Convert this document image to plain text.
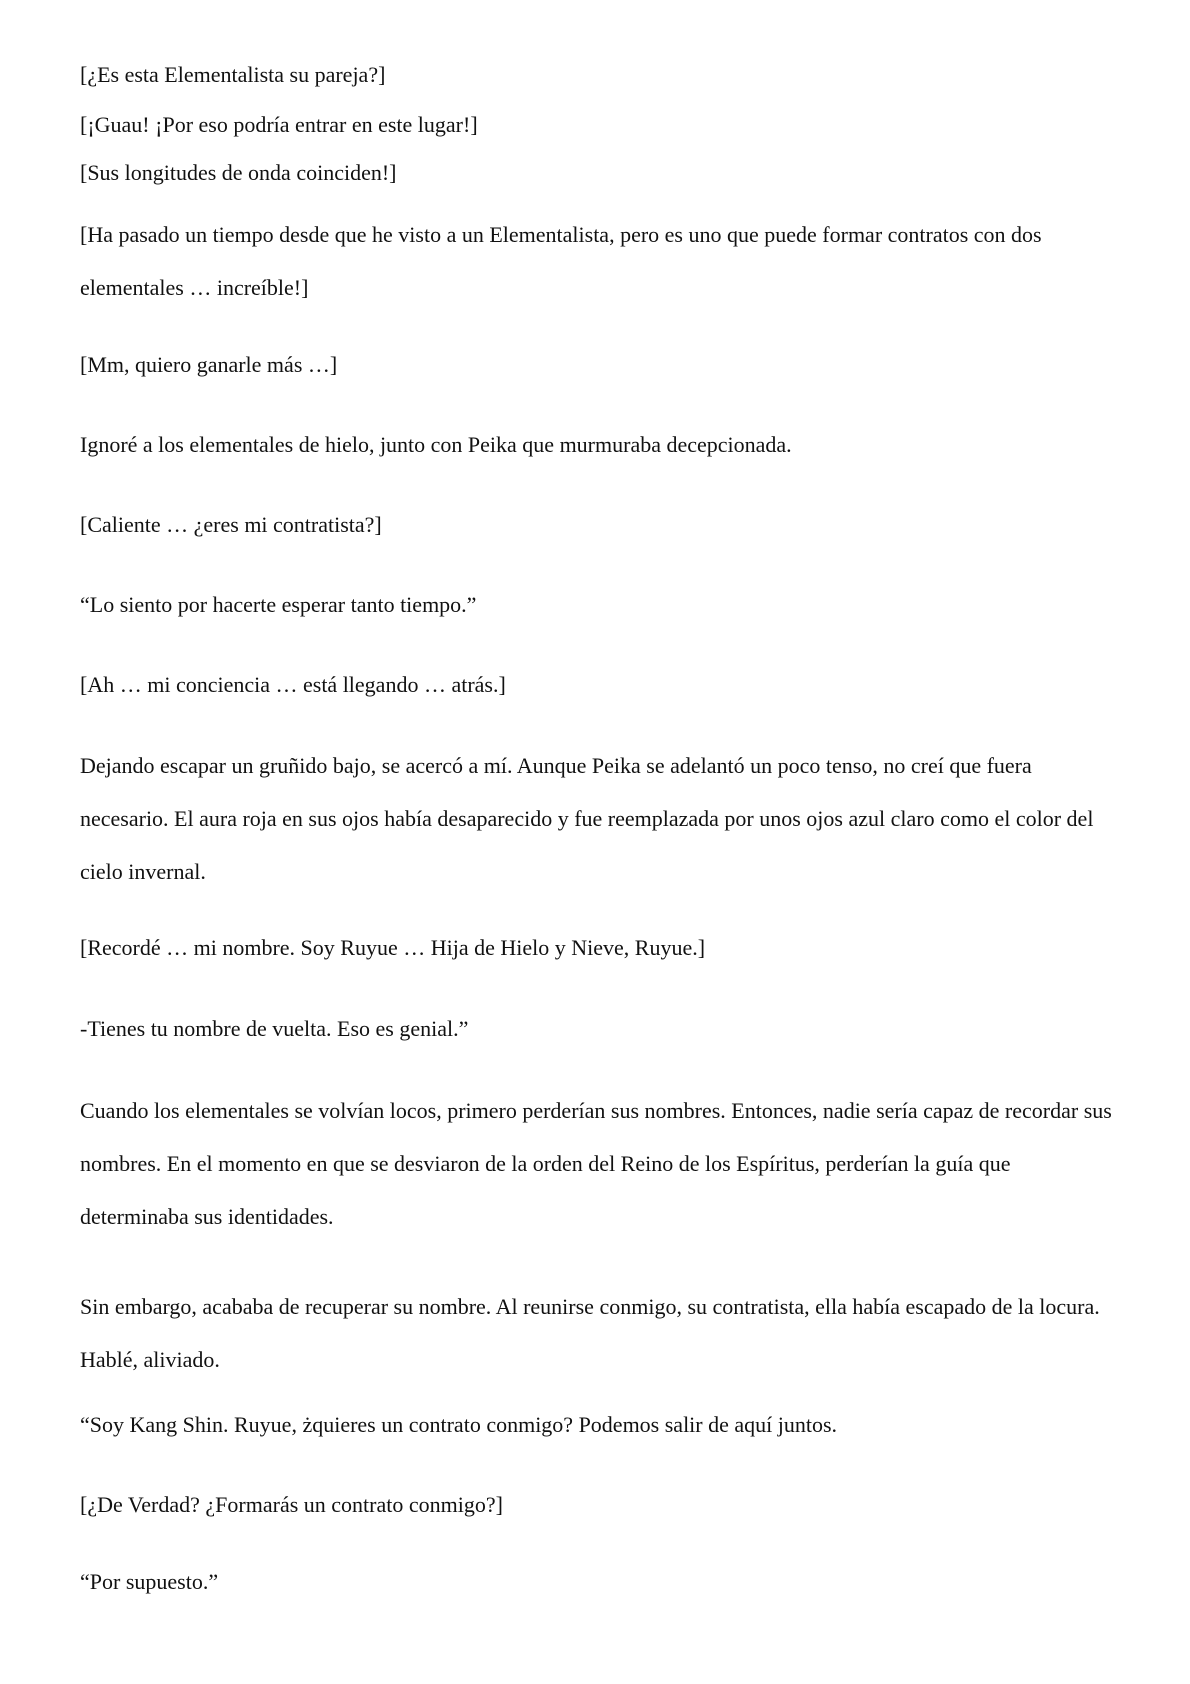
[¿Es esta Elementalista su pareja?]

[¡Guau! ¡Por eso podría entrar en este lugar!]

[Sus longitudes de onda coinciden!]

[Ha pasado un tiempo desde que he visto a un Elementalista, pero es uno que puede formar contratos con dos elementales … increíble!]

[Mm, quiero ganarle más …]

Ignoré a los elementales de hielo, junto con Peika que murmuraba decepcionada.

[Caliente … ¿eres mi contratista?]

“Lo siento por hacerte esperar tanto tiempo.”

[Ah … mi conciencia … está llegando … atrás.]

Dejando escapar un gruñido bajo, se acercó a mí. Aunque Peika se adelantó un poco tenso, no creí que fuera necesario. El aura roja en sus ojos había desaparecido y fue reemplazada por unos ojos azul claro como el color del cielo invernal.

[Recordé … mi nombre. Soy Ruyue … Hija de Hielo y Nieve, Ruyue.]

-Tienes tu nombre de vuelta. Eso es genial.”

Cuando los elementales se volvían locos, primero perderían sus nombres. Entonces, nadie sería capaz de recordar sus nombres. En el momento en que se desviaron de la orden del Reino de los Espíritus, perderían la guía que determinaba sus identidades.

Sin embargo, acababa de recuperar su nombre. Al reunirse conmigo, su contratista, ella había escapado de la locura. Hablé, aliviado.

“Soy Kang Shin. Ruyue, żquieres un contrato conmigo? Podemos salir de aquí juntos.

[¿De Verdad? ¿Formarás un contrato conmigo?]

“Por supuesto.”
